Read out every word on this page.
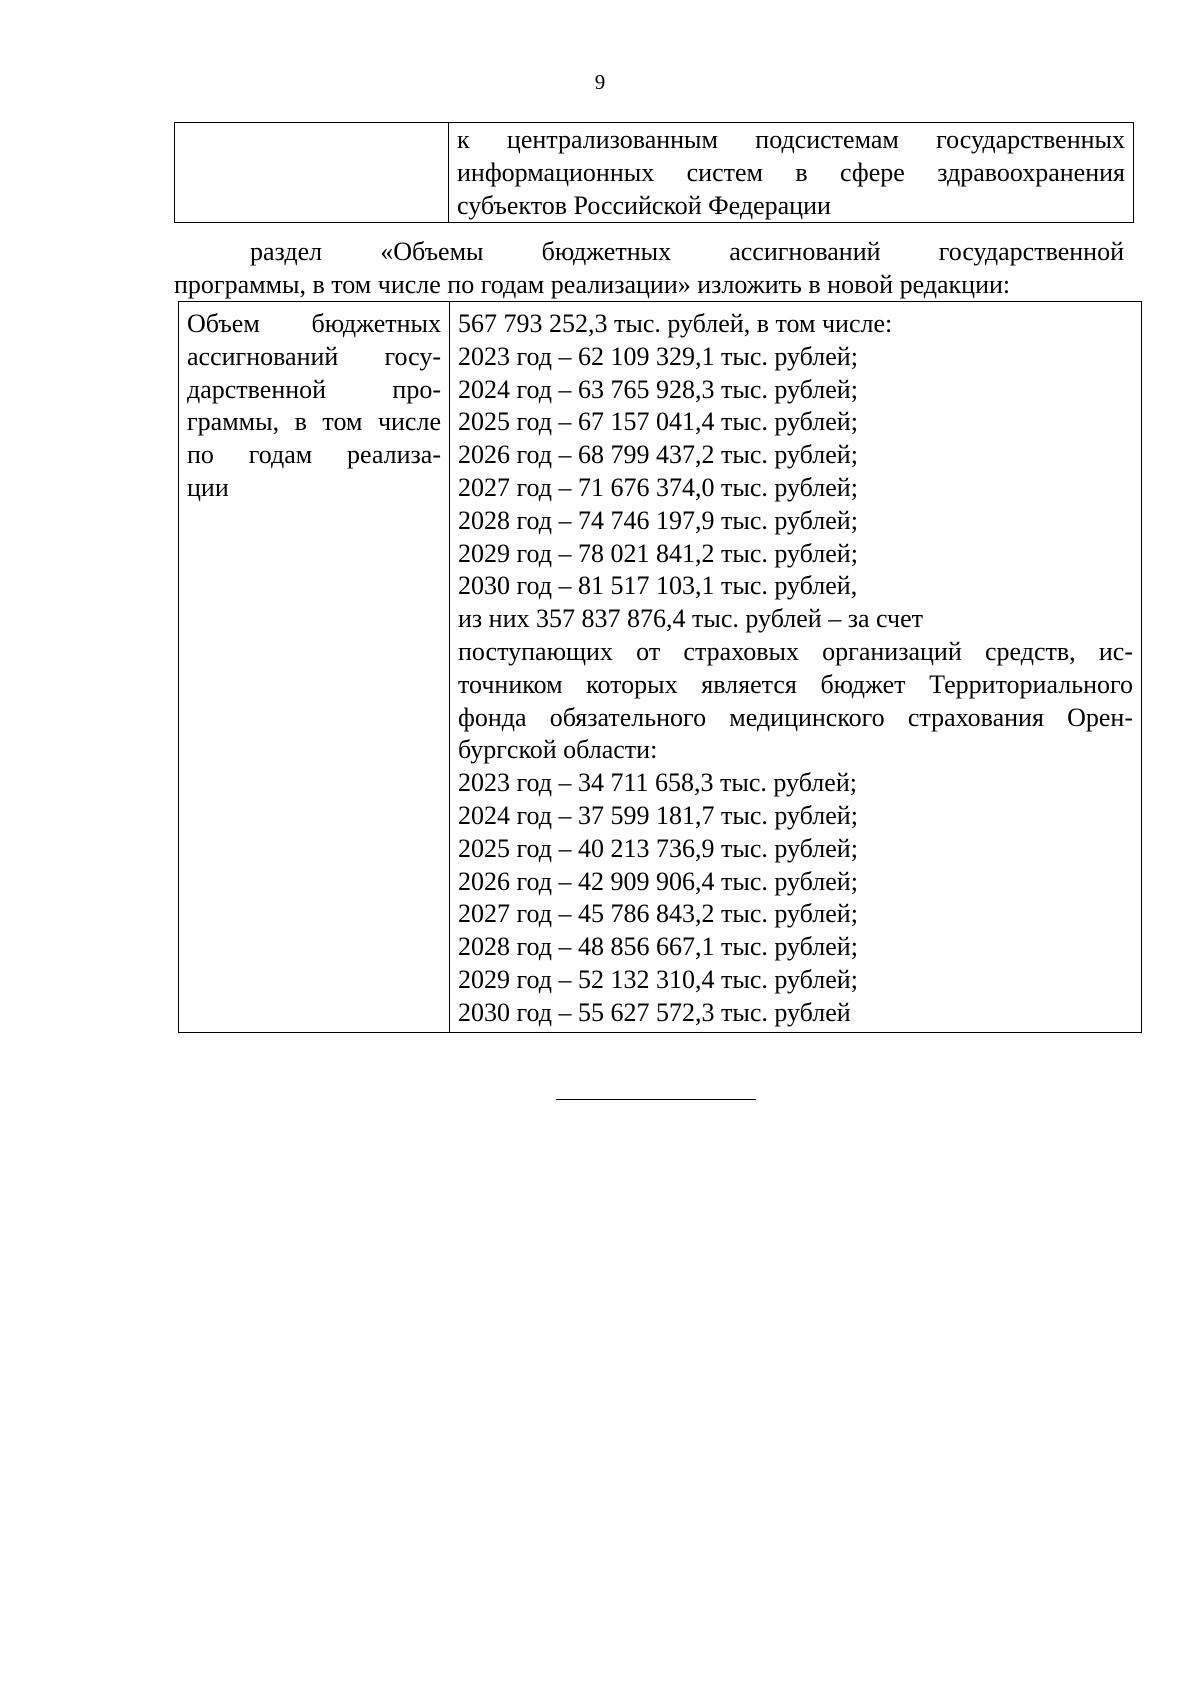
9

к централизованным подсистемам государственных
информационных систем в сфере здравоохранения
субъектов Российской Федерации
раздел «Объемы бюджетных ассигнований государственной
программы, в том числе по годам реализации» изложить в новой редакции:
Объем бюджетных
ассигнований госу-
дарственной про-
граммы, в том числе
по годам реализа-
ции

567 793 252,3 тыс. рублей, в том числе:
2023 год – 62 109 329,1 тыс. рублей;
2024 год – 63 765 928,3 тыс. рублей;
2025 год – 67 157 041,4 тыс. рублей;
2026 год – 68 799 437,2 тыс. рублей;
2027 год – 71 676 374,0 тыс. рублей;
2028 год – 74 746 197,9 тыс. рублей;
2029 год – 78 021 841,2 тыс. рублей;
2030 год – 81 517 103,1 тыс. рублей,
из них 357 837 876,4 тыс. рублей – за счет
поступающих от страховых организаций средств, ис-
точником которых является бюджет Территориального
фонда обязательного медицинского страхования Орен-
бургской области:
2023 год – 34 711 658,3 тыс. рублей;
2024 год – 37 599 181,7 тыс. рублей;
2025 год – 40 213 736,9 тыс. рублей;
2026 год – 42 909 906,4 тыс. рублей;
2027 год – 45 786 843,2 тыс. рублей;
2028 год – 48 856 667,1 тыс. рублей;
2029 год – 52 132 310,4 тыс. рублей;
2030 год – 55 627 572,3 тыс. рублей
